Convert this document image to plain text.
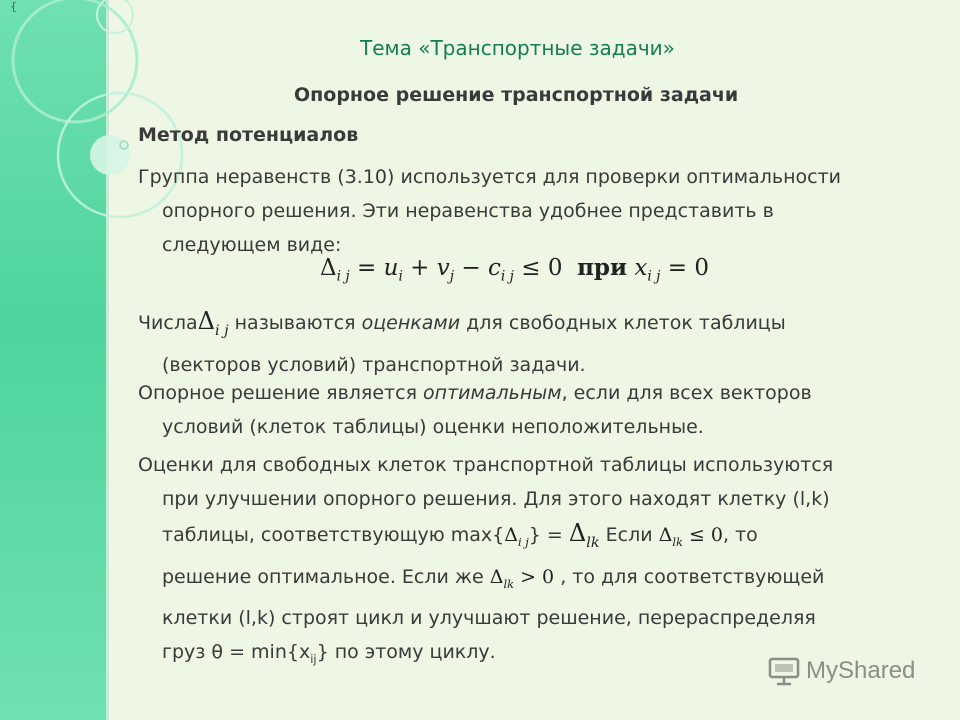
{
Тема «Транспортные задачи»
Опорное решение транспортной задачи
Метод потенциалов
Группа неравенств (3.10) используется для проверки оптимальности
опорного решения. Эти неравенства удобнее представить в
следующем виде:
$\Delta_{i j} = u_i + v_j - c_{i j} \le 0$ при $x_{i j} = 0$
ЧислаΔ$_{i j}$ называются оценками для свободных клеток таблицы
(векторов условий) транспортной задачи.
Опорное решение является оптимальным, если для всех векторов
условий (клеток таблицы) оценки неположительные.
Оценки для свободных клеток транспортной таблицы используются
при улучшении опорного решения. Для этого находят клетку (l,k)
таблицы, соответствующую $\max\{\Delta_{i j}\} = \Delta_{lk}$ Если $\Delta_{lk} \le 0$, то
решение оптимальное. Если же $\Delta_{lk} > 0$ , то для соответствующей
клетки (l,k) строят цикл и улучшают решение, перераспределяя
груз $\theta = \min\{x_{ij}\}$ по этому циклу.
MyShared
